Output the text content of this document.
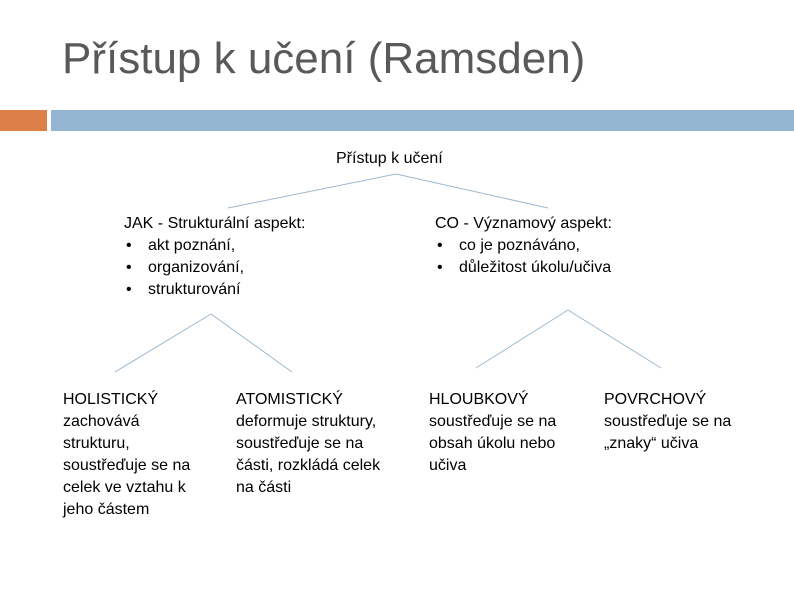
Přístup k učení (Ramsden)
Přístup k učení
JAK - Strukturální aspekt:
• akt poznání,
• organizování,
• strukturování
CO - Významový aspekt:
• co je poznáváno,
• důležitost úkolu/učiva
HOLISTICKÝ
zachovává strukturu, soustřeďuje se na celek ve vztahu k jeho částem
ATOMISTICKÝ
deformuje struktury, soustřeďuje se na části, rozkládá celek na části
HLOUBKOVÝ
soustřeďuje se na obsah úkolu nebo učiva
POVRCHOVÝ
soustřeďuje se na „znaky“ učiva
